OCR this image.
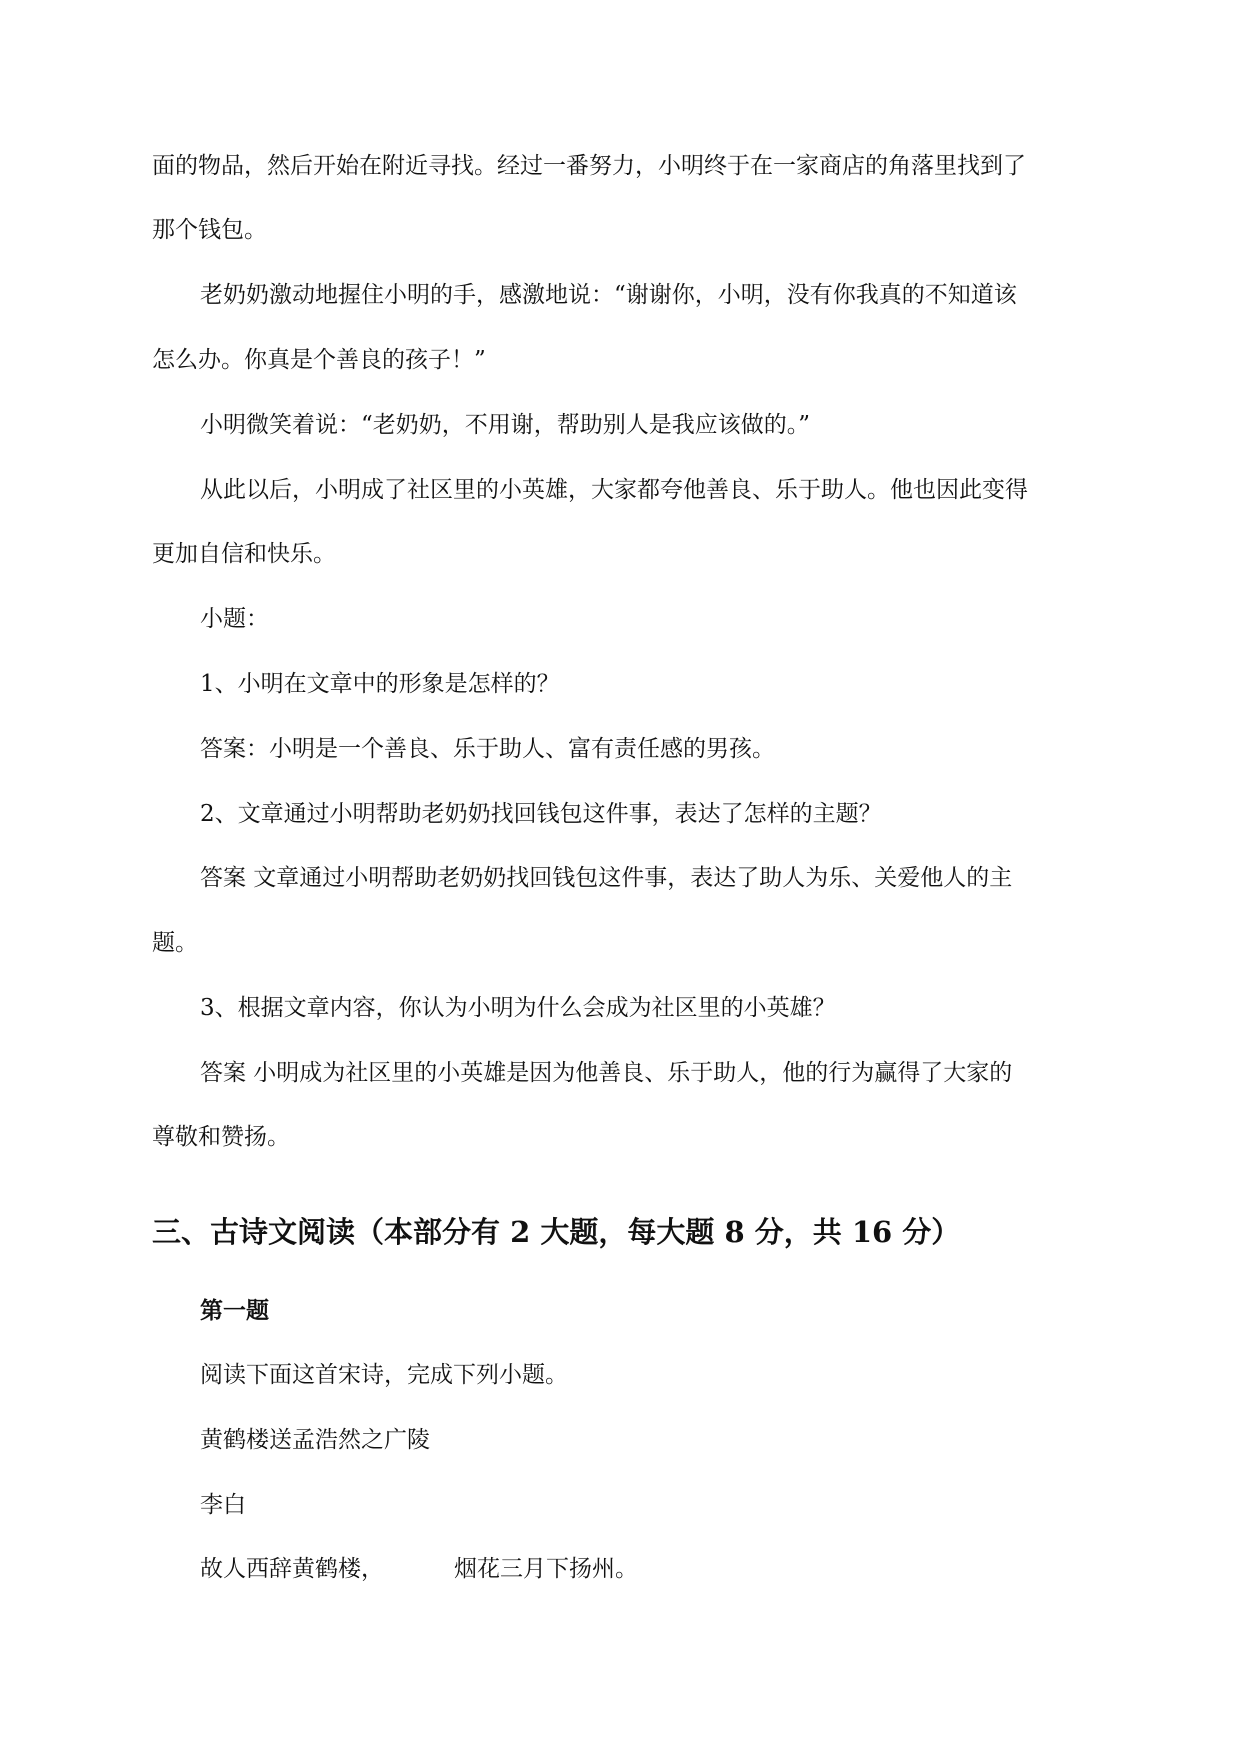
面的物品，然后开始在附近寻找。经过一番努力，小明终于在一家商店的角落里找到了
那个钱包。
老奶奶激动地握住小明的手，感激地说：“谢谢你，小明，没有你我真的不知道该
怎么办。你真是个善良的孩子！”
小明微笑着说：“老奶奶，不用谢，帮助别人是我应该做的。”
从此以后，小明成了社区里的小英雄，大家都夸他善良、乐于助人。他也因此变得
更加自信和快乐。
小题：
1、小明在文章中的形象是怎样的？
答案：小明是一个善良、乐于助人、富有责任感的男孩。
2、文章通过小明帮助老奶奶找回钱包这件事，表达了怎样的主题？
答案 文章通过小明帮助老奶奶找回钱包这件事，表达了助人为乐、关爱他人的主
题。
3、根据文章内容，你认为小明为什么会成为社区里的小英雄？
答案 小明成为社区里的小英雄是因为他善良、乐于助人，他的行为赢得了大家的
尊敬和赞扬。
三、古诗文阅读（本部分有 2 大题，每大题 8 分，共 16 分）
第一题
阅读下面这首宋诗，完成下列小题。
黄鹤楼送孟浩然之广陵
李白
故人西辞黄鹤楼，	烟花三月下扬州。
